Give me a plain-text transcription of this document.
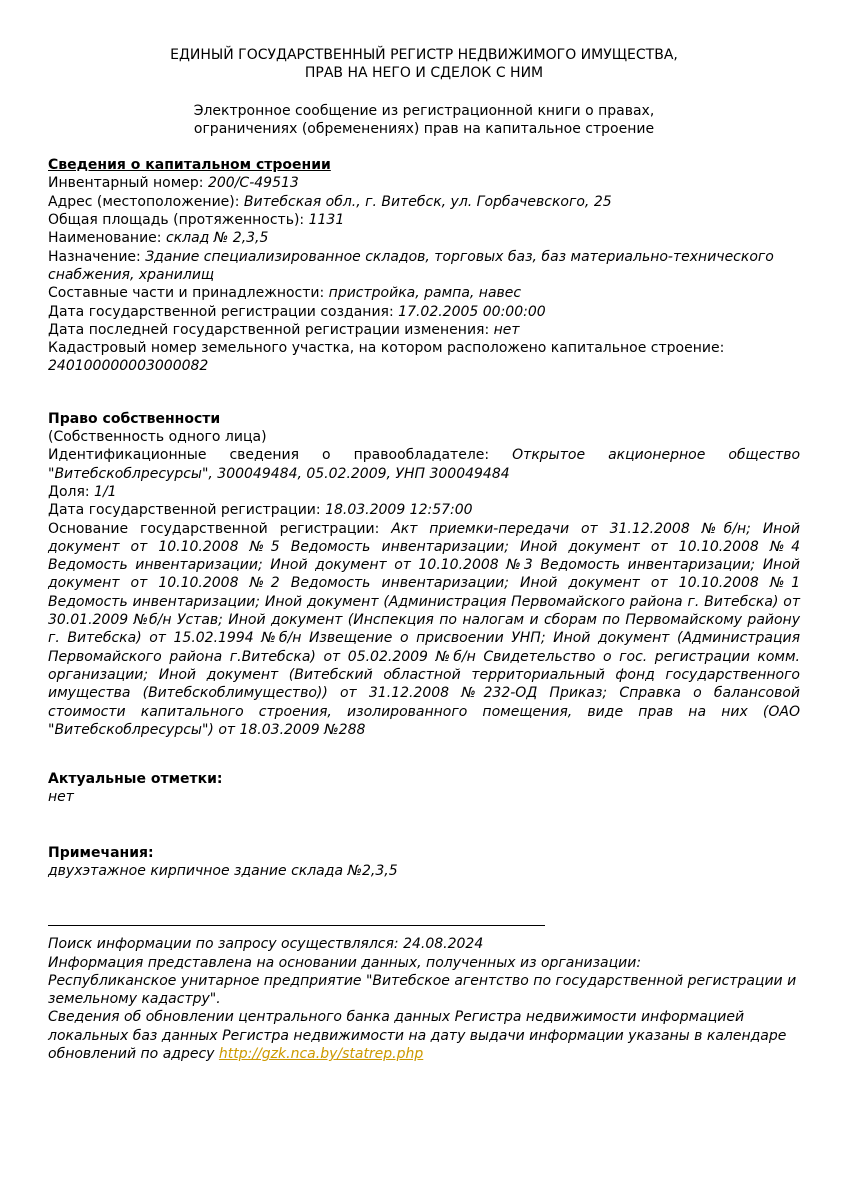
ЕДИНЫЙ ГОСУДАРСТВЕННЫЙ РЕГИСТР НЕДВИЖИМОГО ИМУЩЕСТВА,
ПРАВ НА НЕГО И СДЕЛОК С НИМ
Электронное сообщение из регистрационной книги о правах,
ограничениях (обременениях) прав на капитальное строение

Сведения о капитальном строении

Инвентарный номер: 200/С-49513

Адрес (местоположение): Витебская обл., г. Витебск, ул. Горбачевского, 25

Общая площадь (протяженность): 1131

Наименование: склад № 2,3,5

Назначение: Здание специализированное складов, торговых баз, баз материально-технического снабжения, хранилищ

Составные части и принадлежности: пристройка, рампа, навес

Дата государственной регистрации создания: 17.02.2005 00:00:00

Дата последней государственной регистрации изменения: нет

Кадастровый номер земельного участка, на котором расположено капитальное строение: 240100000003000082

Право собственности

(Собственность одного лица)

Идентификационные сведения о правообладателе: Открытое акционерное общество "Витебскоблресурсы", 300049484, 05.02.2009, УНП 300049484

Доля: 1/1

Дата государственной регистрации: 18.03.2009 12:57:00

Основание государственной регистрации: Акт приемки-передачи от 31.12.2008 №б/н; Иной документ от 10.10.2008 №5 Ведомость инвентаризации; Иной документ от 10.10.2008 №4 Ведомость инвентаризации; Иной документ от 10.10.2008 №3 Ведомость инвентаризации; Иной документ от 10.10.2008 №2 Ведомость инвентаризации; Иной документ от 10.10.2008 №1 Ведомость инвентаризации; Иной документ (Администрация Первомайского района г. Витебска) от 30.01.2009 №б/н Устав; Иной документ (Инспекция по налогам и сборам по Первомайскому району г. Витебска) от 15.02.1994 №б/н Извещение о присвоении УНП; Иной документ (Администрация Первомайского района г.Витебска) от 05.02.2009 №б/н Свидетельство о гос. регистрации комм. организации; Иной документ (Витебский областной территориальный фонд государственного имущества (Витебскоблимущество)) от 31.12.2008 №232-ОД Приказ; Справка о балансовой стоимости капитального строения, изолированного помещения, виде прав на них (ОАО "Витебскоблресурсы") от 18.03.2009 №288

Актуальные отметки:

нет

Примечания:

двухэтажное кирпичное здание склада №2,3,5

Поиск информации по запросу осуществлялся: 24.08.2024

Информация представлена на основании данных, полученных из организации:

Республиканское унитарное предприятие "Витебское агентство по государственной регистрации и земельному кадастру".

Сведения об обновлении центрального банка данных Регистра недвижимости информацией локальных баз данных Регистра недвижимости на дату выдачи информации указаны в календаре обновлений по адресу http://gzk.nca.by/statrep.php
